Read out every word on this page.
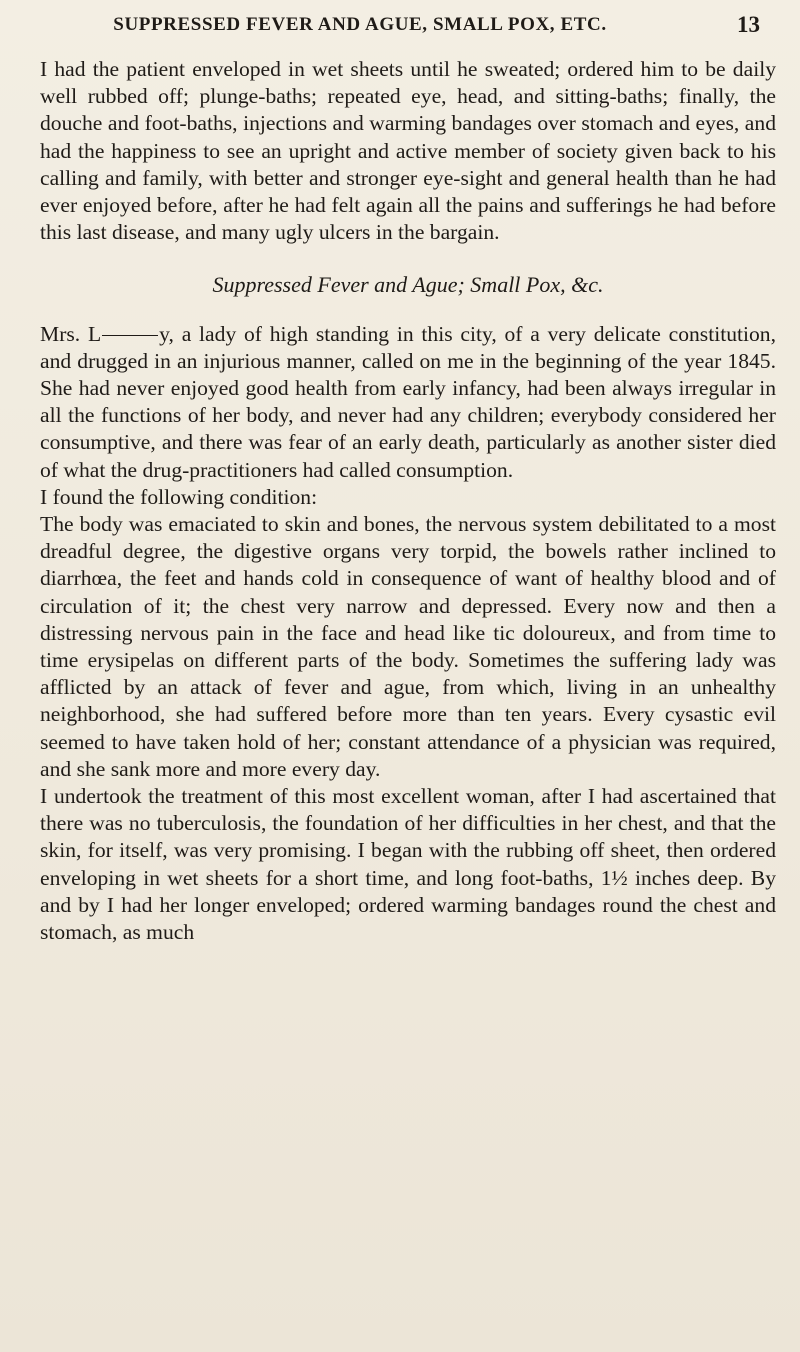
SUPPRESSED FEVER AND AGUE, SMALL POX, ETC.	13

I had the patient enveloped in wet sheets until he sweated; ordered him to be daily well rubbed off; plunge-baths; repeated eye, head, and sitting-baths; finally, the douche and foot-baths, injections and warming bandages over stomach and eyes, and had the happiness to see an upright and active member of society given back to his calling and family, with better and stronger eye-sight and general health than he had ever enjoyed before, after he had felt again all the pains and sufferings he had before this last disease, and many ugly ulcers in the bargain.

Suppressed Fever and Ague; Small Pox, &c.

Mrs. L	y, a lady of high standing in this city, of a very delicate constitution, and drugged in an injurious manner, called on me in the beginning of the year 1845. She had never enjoyed good health from early infancy, had been always irregular in all the functions of her body, and never had any children; everybody considered her consumptive, and there was fear of an early death, particularly as another sister died of what the drug-practitioners had called consumption.

I found the following condition:

The body was emaciated to skin and bones, the nervous system debilitated to a most dreadful degree, the digestive organs very torpid, the bowels rather inclined to diarrhœa, the feet and hands cold in consequence of want of healthy blood and of circulation of it; the chest very narrow and depressed. Every now and then a distressing nervous pain in the face and head like tic doloureux, and from time to time erysipelas on different parts of the body. Sometimes the suffering lady was afflicted by an attack of fever and ague, from which, living in an unhealthy neighborhood, she had suffered before more than ten years. Every cysastic evil seemed to have taken hold of her; constant attendance of a physician was required, and she sank more and more every day.

I undertook the treatment of this most excellent woman, after I had ascertained that there was no tuberculosis, the foundation of her difficulties in her chest, and that the skin, for itself, was very promising. I began with the rubbing off sheet, then ordered enveloping in wet sheets for a short time, and long foot-baths, 1½ inches deep. By and by I had her longer enveloped; ordered warming bandages round the chest and stomach, as much
